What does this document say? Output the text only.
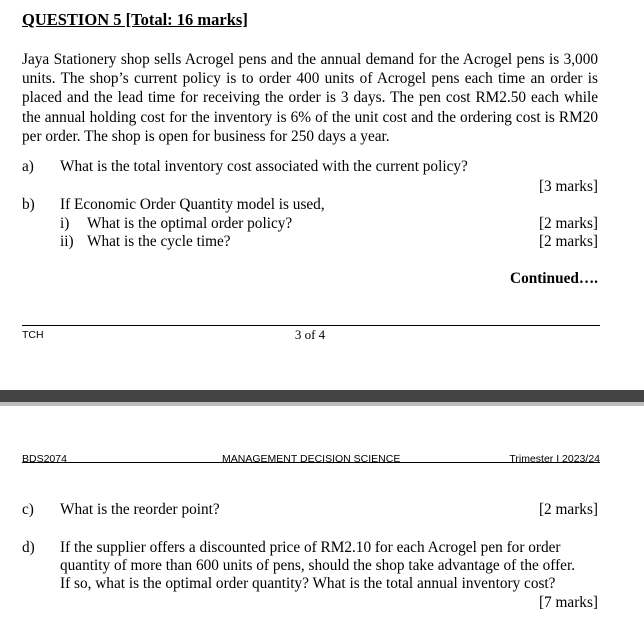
QUESTION 5 [Total: 16 marks]
Jaya Stationery shop sells Acrogel pens and the annual demand for the Acrogel pens is 3,000 units. The shop’s current policy is to order 400 units of Acrogel pens each time an order is placed and the lead time for receiving the order is 3 days. The pen cost RM2.50 each while the annual holding cost for the inventory is 6% of the unit cost and the ordering cost is RM20 per order. The shop is open for business for 250 days a year.
a) What is the total inventory cost associated with the current policy?
[3 marks]
b) If Economic Order Quantity model is used,
i) What is the optimal order policy?	[2 marks]
ii) What is the cycle time?	[2 marks]
Continued….
TCH	3 of 4
BDS2074	MANAGEMENT DECISION SCIENCE	Trimester I 2023/24
c) What is the reorder point?	[2 marks]
d) If the supplier offers a discounted price of RM2.10 for each Acrogel pen for order
quantity of more than 600 units of pens, should the shop take advantage of the offer.
If so, what is the optimal order quantity? What is the total annual inventory cost?
[7 marks]
